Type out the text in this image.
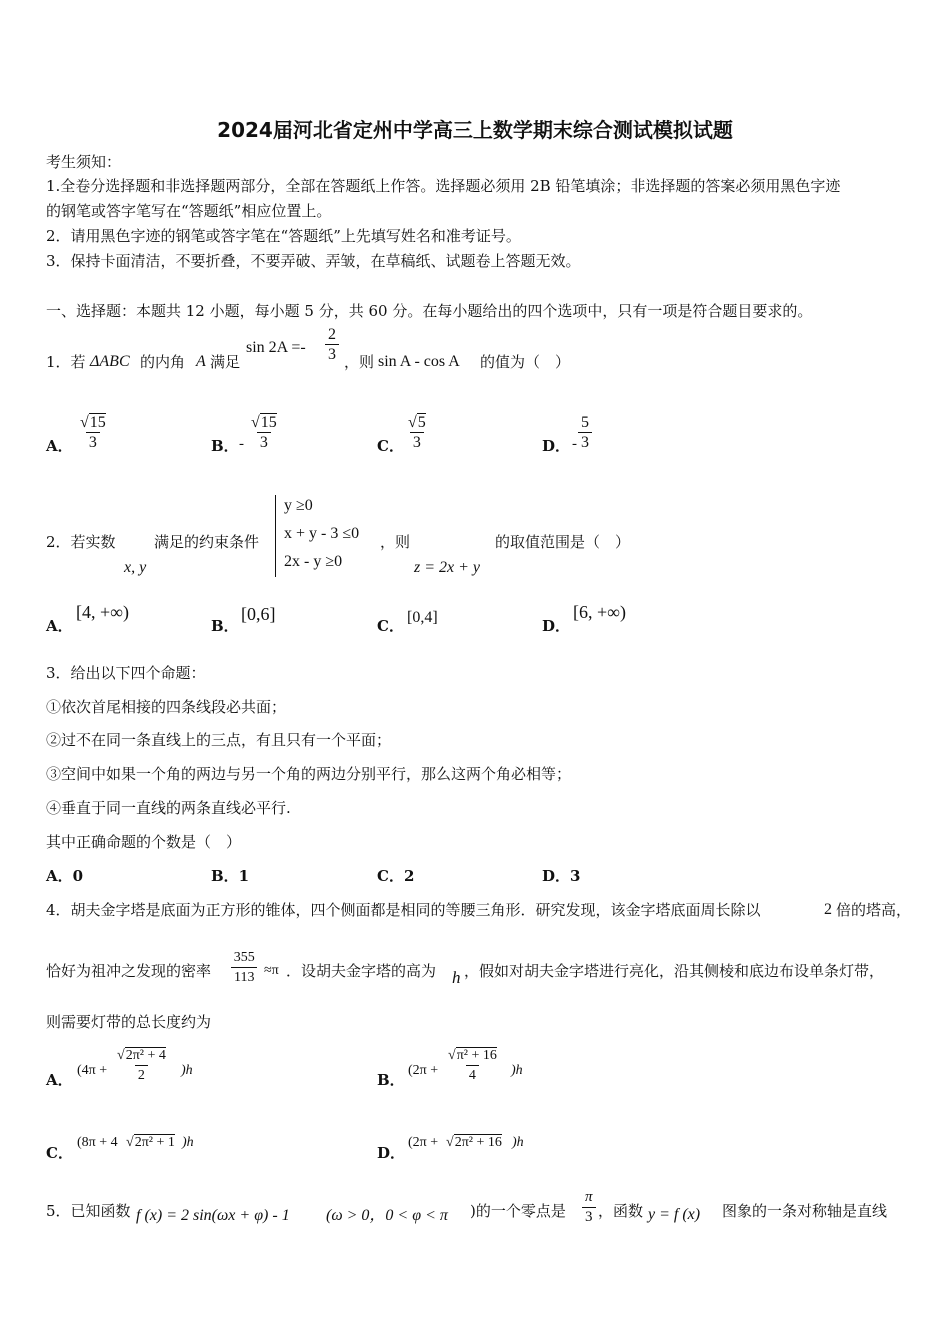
2024届河北省定州中学高三上数学期末综合测试模拟试题
考生须知：
1.全卷分选择题和非选择题两部分，全部在答题纸上作答。选择题必须用 2B 铅笔填涂；非选择题的答案必须用黑色字迹
的钢笔或答字笔写在“答题纸”相应位置上。
2．请用黑色字迹的钢笔或答字笔在“答题纸”上先填写姓名和准考证号。
3．保持卡面清洁，不要折叠，不要弄破、弄皱，在草稿纸、试题卷上答题无效。
一、选择题：本题共 12 小题，每小题 5 分，共 60 分。在每小题给出的四个选项中，只有一项是符合题目要求的。
1．若 ΔABC 的内角 A 满足
$\sin 2A =- \frac{2}{3}$ ，则 sin A - cos A 的值为（　）
A． $\frac{√15}{3}$	B． - $\frac{√15}{3}$	C． $\frac{√5}{3}$	D． - $\frac{5}{3}$
2．若实数
x, y
满足的约束条件
y ≥0
x + y - 3 ≤0
2x - y ≥0
，则
z = 2x + y
的取值范围是（　）
A．
[4, +∞)
B．
[0,6]
C． [0,4]	D．
[6, +∞)
3．给出以下四个命题：
①依次首尾相接的四条线段必共面；
②过不在同一条直线上的三点，有且只有一个平面；
③空间中如果一个角的两边与另一个角的两边分别平行，那么这两个角必相等；
④垂直于同一直线的两条直线必平行.
其中正确命题的个数是（　）
A．0	B．1	C．2	D．3
4．胡夫金字塔是底面为正方形的锥体，四个侧面都是相同的等腰三角形．研究发现，该金字塔底面周长除以	2 倍的塔高，
恰好为祖冲之发现的密率 $\frac{355}{113} \approx\pi$ ．设胡夫金字塔的高为 h ，假如对胡夫金字塔进行亮化，沿其侧棱和底边布设单条灯带，
则需要灯带的总长度约为
A．
$(4\pi + \frac{\text{√2π² + 4}}{2} )h$
B．
$(2\pi + \frac{\text{√π² + 16}}{4} )h$
C．
(8π + 4 √2π² + 1 )h
D．
(2π + √2π² + 16 )h
5．已知函数 f (x) = 2 sin(ωx + φ) - 1 (ω > 0，0 < φ < π )的一个零点是 $\frac{\pi}{3}$ ，函数 y = f (x) 图象的一条对称轴是直线
